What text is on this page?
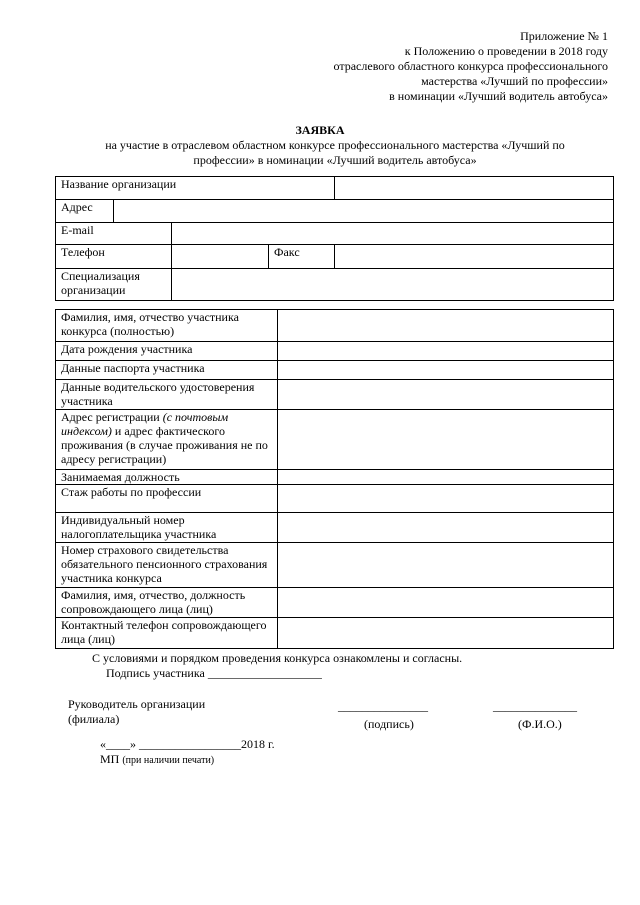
Приложение № 1
к Положению о проведении в 2018 году
отраслевого областного конкурса профессионального
мастерства «Лучший по профессии»
в номинации «Лучший водитель автобуса»
ЗАЯВКА
на участие в отраслевом областном конкурсе профессионального мастерства «Лучший по
профессии» в номинации «Лучший водитель автобуса»
Название организации				
Адрес				
E-mail				
Телефон			Факс	
Специализация организации				
Фамилия, имя, отчество участника конкурса (полностью)	
Дата рождения участника	
Данные паспорта участника	
Данные водительского удостоверения участника	
Адрес регистрации (с почтовым индексом) и адрес фактического проживания (в случае проживания не по адресу регистрации)	
Занимаемая должность	
Стаж работы по профессии	
Индивидуальный номер налогоплательщика участника	
Номер страхового свидетельства обязательного пенсионного страхования участника конкурса	
Фамилия, имя, отчество, должность сопровождающего лица (лиц)	
Контактный телефон сопровождающего лица (лиц)	
С условиями и порядком проведения конкурса ознакомлены и согласны.
Подпись участника ___________________
Руководитель организации
(филиала)
_______________
(подпись)
______________
(Ф.И.О.)
«____» _________________2018 г.
МП (при наличии печати)
